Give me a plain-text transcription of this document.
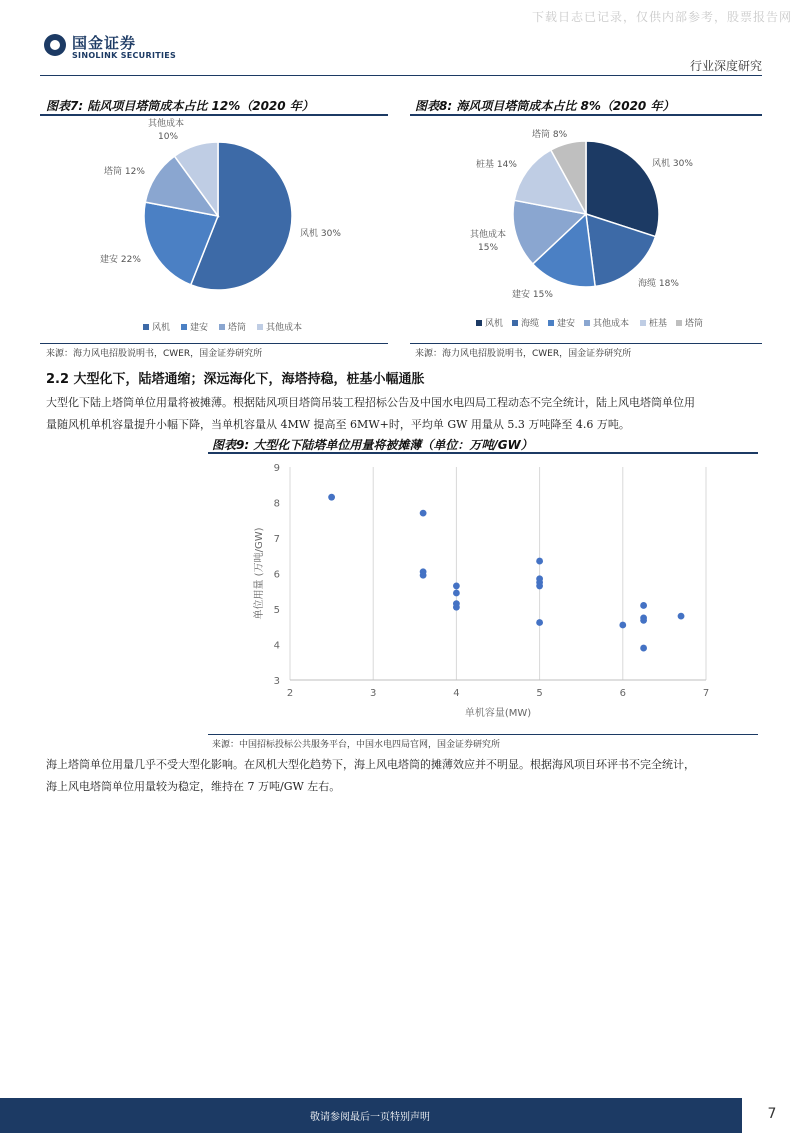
下载日志已记录，仅供内部参考，股票报告网
国金证券
SINOLINK SECURITIES
行业深度研究
图表7: 陆风项目塔筒成本占比 12%（2020 年）
风机 30%
建安 22%
塔筒 12%
其他成本
10%
风机 建安 塔筒 其他成本
来源：海力风电招股说明书，CWER，国金证券研究所
图表8: 海风项目塔筒成本占比 8%（2020 年）
风机 30%
海缆 18%
建安 15%
其他成本
15%
桩基 14%
塔筒 8%
风机 海缆 建安 其他成本 桩基 塔筒
来源：海力风电招股说明书，CWER，国金证券研究所
2.2 大型化下，陆塔通缩；深远海化下，海塔持稳，桩基小幅通胀
大型化下陆上塔筒单位用量将被摊薄。根据陆风项目塔筒吊装工程招标公告及中国水电四局工程动态不完全统计，陆上风电塔筒单位用
量随风机单机容量提升小幅下降，当单机容量从 4MW 提高至 6MW+时，平均单 GW 用量从 5.3 万吨降至 4.6 万吨。
图表9: 大型化下陆塔单位用量将被摊薄（单位：万吨/GW）
3
4
5
6
7
8
9
2	3	4	5	6	7
单位用量 (万吨/GW)
单机容量(MW)
来源：中国招标投标公共服务平台，中国水电四局官网，国金证券研究所
海上塔筒单位用量几乎不受大型化影响。在风机大型化趋势下，海上风电塔筒的摊薄效应并不明显。根据海风项目环评书不完全统计，
海上风电塔筒单位用量较为稳定，维持在 7 万吨/GW 左右。
敬请参阅最后一页特别声明	7
